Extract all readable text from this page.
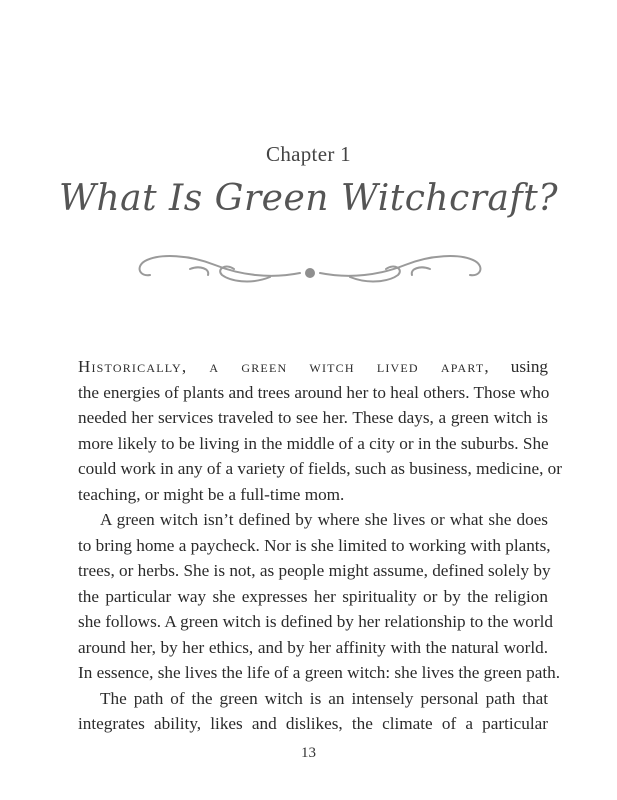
Chapter 1
What Is Green Witchcraft?

Historically, a green witch lived apart, using
the energies of plants and trees around her to heal others. Those who
needed her services traveled to see her. These days, a green witch is
more likely to be living in the middle of a city or in the suburbs. She
could work in any of a variety of fields, such as business, medicine, or
teaching, or might be a full-time mom.

A green witch isn’t defined by where she lives or what she does
to bring home a paycheck. Nor is she limited to working with plants,
trees, or herbs. She is not, as people might assume, defined solely by
the particular way she expresses her spirituality or by the religion
she follows. A green witch is defined by her relationship to the world
around her, by her ethics, and by her affinity with the natural world.
In essence, she lives the life of a green witch: she lives the green path.

The path of the green witch is an intensely personal path that
integrates ability, likes and dislikes, the climate of a particular

13
